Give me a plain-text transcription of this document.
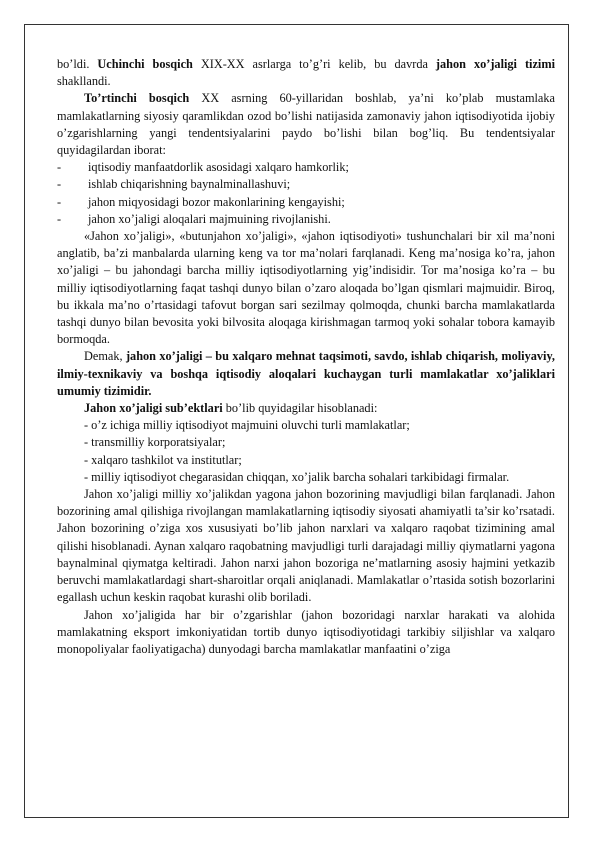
bo’ldi. Uchinchi bosqich XIX-XX asrlarga to’g’ri kelib, bu davrda jahon xo’jaligi tizimi shakllandi.

To’rtinchi bosqich XX asrning 60-yillaridan boshlab, ya’ni ko’plab mustamlaka mamlakatlarning siyosiy qaramlikdan ozod bo’lishi natijasida zamonaviy jahon iqtisodiyotida ijobiy o’zgarishlarning yangi tendentsiyalarini paydo bo’lishi bilan bog’liq. Bu tendentsiyalar quyidagilardan iborat:

- iqtisodiy manfaatdorlik asosidagi xalqaro hamkorlik;

- ishlab chiqarishning baynalminallashuvi;

- jahon miqyosidagi bozor makonlarining kengayishi;

- jahon xo’jaligi aloqalari majmuining rivojlanishi.

«Jahon xo’jaligi», «butunjahon xo’jaligi», «jahon iqtisodiyoti» tushunchalari bir xil ma’noni anglatib, ba’zi manbalarda ularning keng va tor ma’nolari farqlanadi. Keng ma’nosiga ko’ra, jahon xo’jaligi – bu jahondagi barcha milliy iqtisodiyotlarning yig’indisidir. Tor ma’nosiga ko’ra – bu milliy iqtisodiyotlarning faqat tashqi dunyo bilan o’zaro aloqada bo’lgan qismlari majmuidir. Biroq, bu ikkala ma’no o’rtasidagi tafovut borgan sari sezilmay qolmoqda, chunki barcha mamlakatlarda tashqi dunyo bilan bevosita yoki bilvosita aloqaga kirishmagan tarmoq yoki sohalar tobora kamayib bormoqda.

Demak, jahon xo’jaligi – bu xalqaro mehnat taqsimoti, savdo, ishlab chiqarish, moliyaviy, ilmiy-texnikaviy va boshqa iqtisodiy aloqalari kuchaygan turli mamlakatlar xo’jaliklari umumiy tizimidir.

Jahon xo’jaligi sub’ektlari bo’lib quyidagilar hisoblanadi:

- o’z ichiga milliy iqtisodiyot majmuini oluvchi turli mamlakatlar;

- transmilliy korporatsiyalar;

- xalqaro tashkilot va institutlar;

- milliy iqtisodiyot chegarasidan chiqqan, xo’jalik barcha sohalari tarkibidagi firmalar.

Jahon xo’jaligi milliy xo’jalikdan yagona jahon bozorining mavjudligi bilan farqlanadi. Jahon bozorining amal qilishiga rivojlangan mamlakatlarning iqtisodiy siyosati ahamiyatli ta’sir ko’rsatadi. Jahon bozorining o’ziga xos xususiyati bo’lib jahon narxlari va xalqaro raqobat tizimining amal qilishi hisoblanadi. Aynan xalqaro raqobatning mavjudligi turli darajadagi milliy qiymatlarni yagona baynalminal qiymatga keltiradi. Jahon narxi jahon bozoriga ne’matlarning asosiy hajmini yetkazib beruvchi mamlakatlardagi shart-sharoitlar orqali aniqlanadi. Mamlakatlar o’rtasida sotish bozorlarini egallash uchun keskin raqobat kurashi olib boriladi.

Jahon xo’jaligida har bir o’zgarishlar (jahon bozoridagi narxlar harakati va alohida mamlakatning eksport imkoniyatidan tortib dunyo iqtisodiyotidagi tarkibiy siljishlar va xalqaro monopoliyalar faoliyatigacha) dunyodagi barcha mamlakatlar manfaatini o’ziga
